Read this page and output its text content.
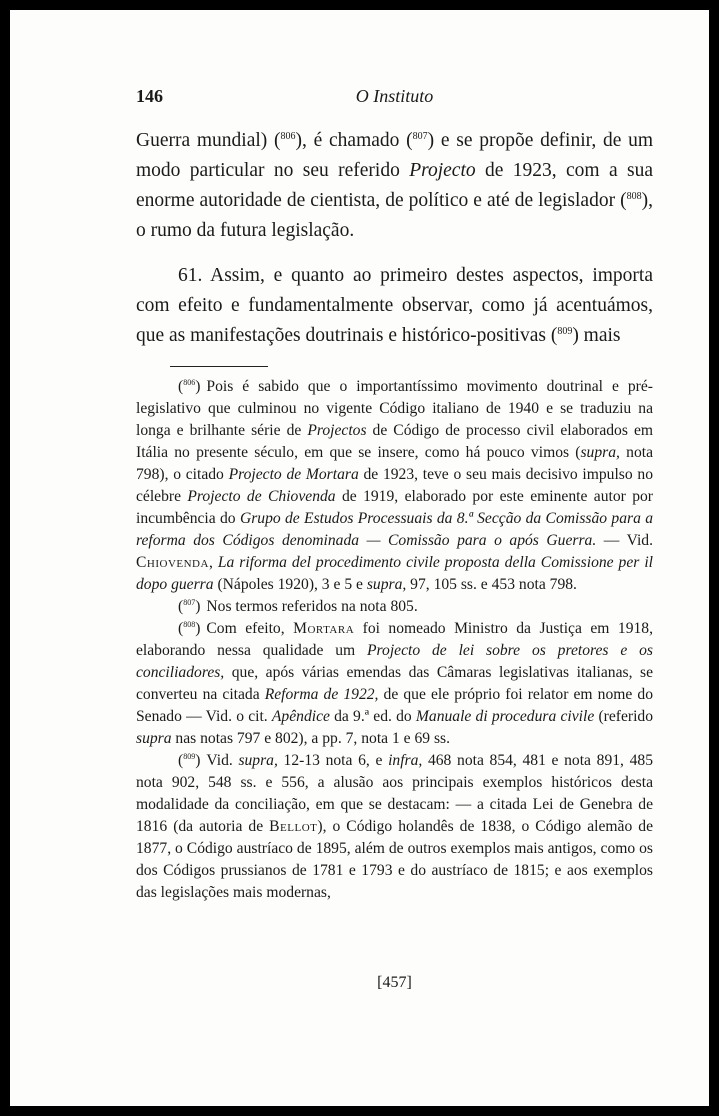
146	O Instituto

Guerra mundial) ($^{806}$), é chamado ($^{807}$) e se propõe definir, de um modo particular no seu referido Projecto de 1923, com a sua enorme autoridade de cientista, de político e até de legislador ($^{808}$), o rumo da futura legislação.

61. Assim, e quanto ao primeiro destes aspectos, importa com efeito e fundamentalmente observar, como já acentuámos, que as manifestações doutrinais e histórico-positivas ($^{809}$) mais

($^{806}$) Pois é sabido que o importantíssimo movimento doutrinal e pré-legislativo que culminou no vigente Código italiano de 1940 e se traduziu na longa e brilhante série de Projectos de Código de processo civil elaborados em Itália no presente século, em que se insere, como há pouco vimos (supra, nota 798), o citado Projecto de Mortara de 1923, teve o seu mais decisivo impulso no célebre Projecto de Chiovenda de 1919, elaborado por este eminente autor por incumbência do Grupo de Estudos Processuais da 8.ª Secção da Comissão para a reforma dos Códigos denominada — Comissão para o após Guerra. — Vid. Chiovenda, La riforma del procedimento civile proposta della Comissione per il dopo guerra (Nápoles 1920), 3 e 5 e supra, 97, 105 ss. e 453 nota 798.

($^{807}$) Nos termos referidos na nota 805.

($^{808}$) Com efeito, Mortara foi nomeado Ministro da Justiça em 1918, elaborando nessa qualidade um Projecto de lei sobre os pretores e os conciliadores, que, após várias emendas das Câmaras legislativas italianas, se converteu na citada Reforma de 1922, de que ele próprio foi relator em nome do Senado — Vid. o cit. Apêndice da 9.ª ed. do Manuale di procedura civile (referido supra nas notas 797 e 802), a pp. 7, nota 1 e 69 ss.

($^{809}$) Vid. supra, 12-13 nota 6, e infra, 468 nota 854, 481 e nota 891, 485 nota 902, 548 ss. e 556, a alusão aos principais exemplos históricos desta modalidade da conciliação, em que se destacam: — a citada Lei de Genebra de 1816 (da autoria de Bellot), o Código holandês de 1838, o Código alemão de 1877, o Código austríaco de 1895, além de outros exemplos mais antigos, como os dos Códigos prussianos de 1781 e 1793 e do austríaco de 1815; e aos exemplos das legislações mais modernas,

[457]
